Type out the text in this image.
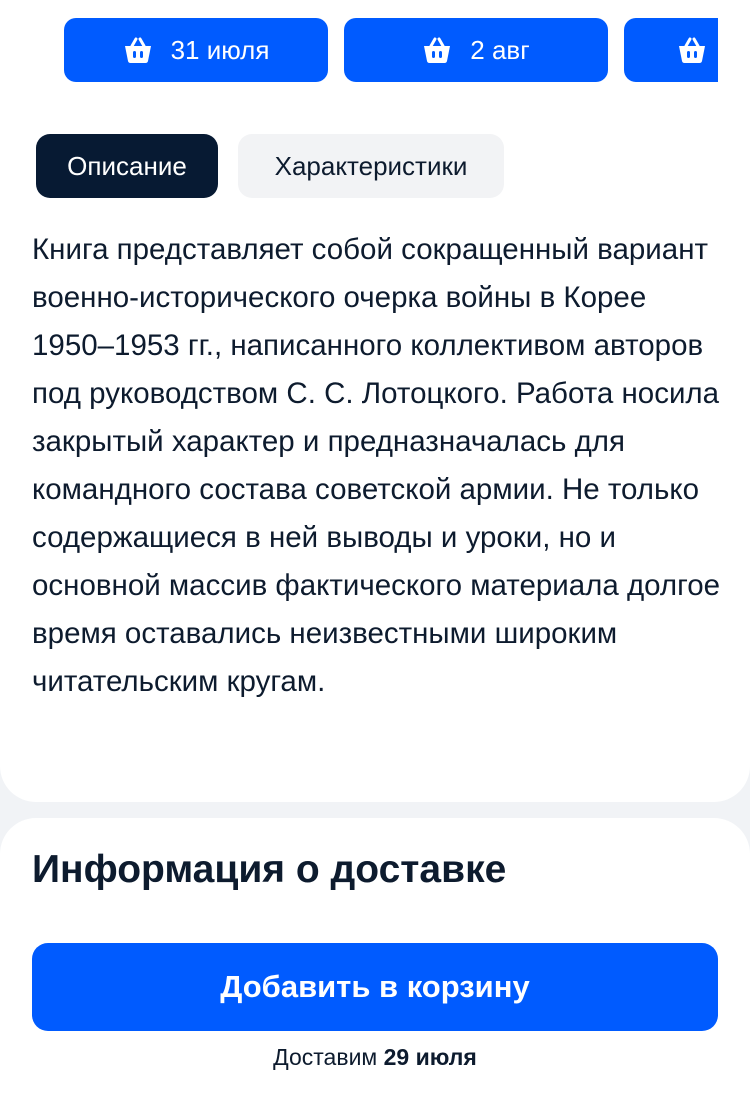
31 июля	2 авг
Описание	Характеристики

Книга представляет собой сокращенный вариант военно-исторического очерка войны в Корее 1950–1953 гг., написанного коллективом авторов под руководством С. С. Лотоцкого. Работа носила закрытый характер и предназначалась для командного состава советской армии. Не только содержащиеся в ней выводы и уроки, но и основной массив фактического материала долгое время оставались неизвестными широким читательским кругам.

Информация о доставке
Добавить в корзину
Доставим 29 июля
